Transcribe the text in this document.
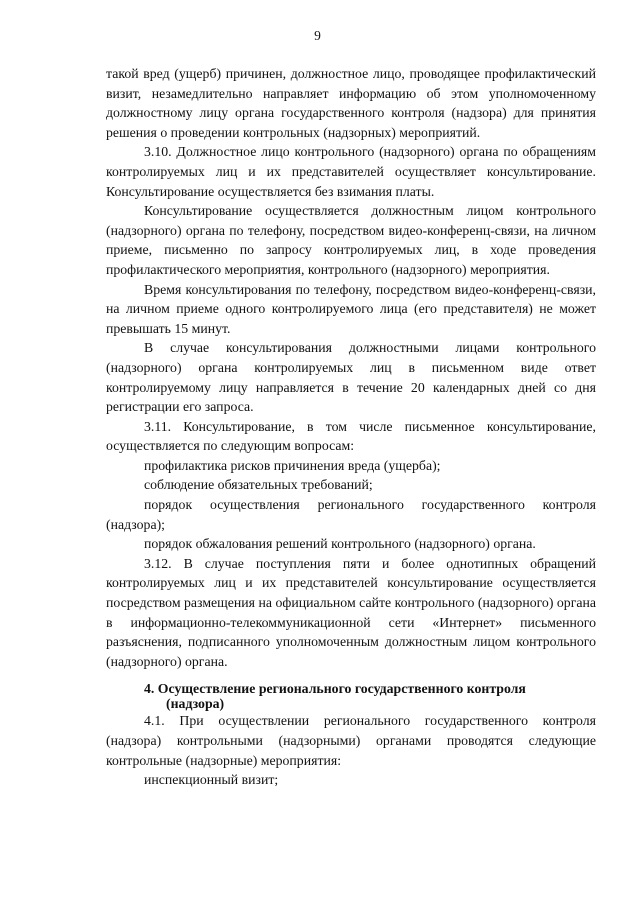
9

такой вред (ущерб) причинен, должностное лицо, проводящее профилактический визит, незамедлительно направляет информацию об этом уполномоченному должностному лицу органа государственного контроля (надзора) для принятия решения о проведении контрольных (надзорных) мероприятий.

3.10. Должностное лицо контрольного (надзорного) органа по обращениям контролируемых лиц и их представителей осуществляет консультирование. Консультирование осуществляется без взимания платы.

Консультирование осуществляется должностным лицом контрольного (надзорного) органа по телефону, посредством видео-конференц-связи, на личном приеме, письменно по запросу контролируемых лиц, в ходе проведения профилактического мероприятия, контрольного (надзорного) мероприятия.

Время консультирования по телефону, посредством видео-конференц-связи, на личном приеме одного контролируемого лица (его представителя) не может превышать 15 минут.

В случае консультирования должностными лицами контрольного (надзорного) органа контролируемых лиц в письменном виде ответ контролируемому лицу направляется в течение 20 календарных дней со дня регистрации его запроса.

3.11. Консультирование, в том числе письменное консультирование, осуществляется по следующим вопросам:

профилактика рисков причинения вреда (ущерба);

соблюдение обязательных требований;

порядок осуществления регионального государственного контроля (надзора);

порядок обжалования решений контрольного (надзорного) органа.

3.12. В случае поступления пяти и более однотипных обращений контролируемых лиц и их представителей консультирование осуществляется посредством размещения на официальном сайте контрольного (надзорного) органа в информационно-телекоммуникационной сети «Интернет» письменного разъяснения, подписанного уполномоченным должностным лицом контрольного (надзорного) органа.

4. Осуществление регионального государственного контроля
(надзора)

4.1. При осуществлении регионального государственного контроля (надзора) контрольными (надзорными) органами проводятся следующие контрольные (надзорные) мероприятия:

инспекционный визит;
